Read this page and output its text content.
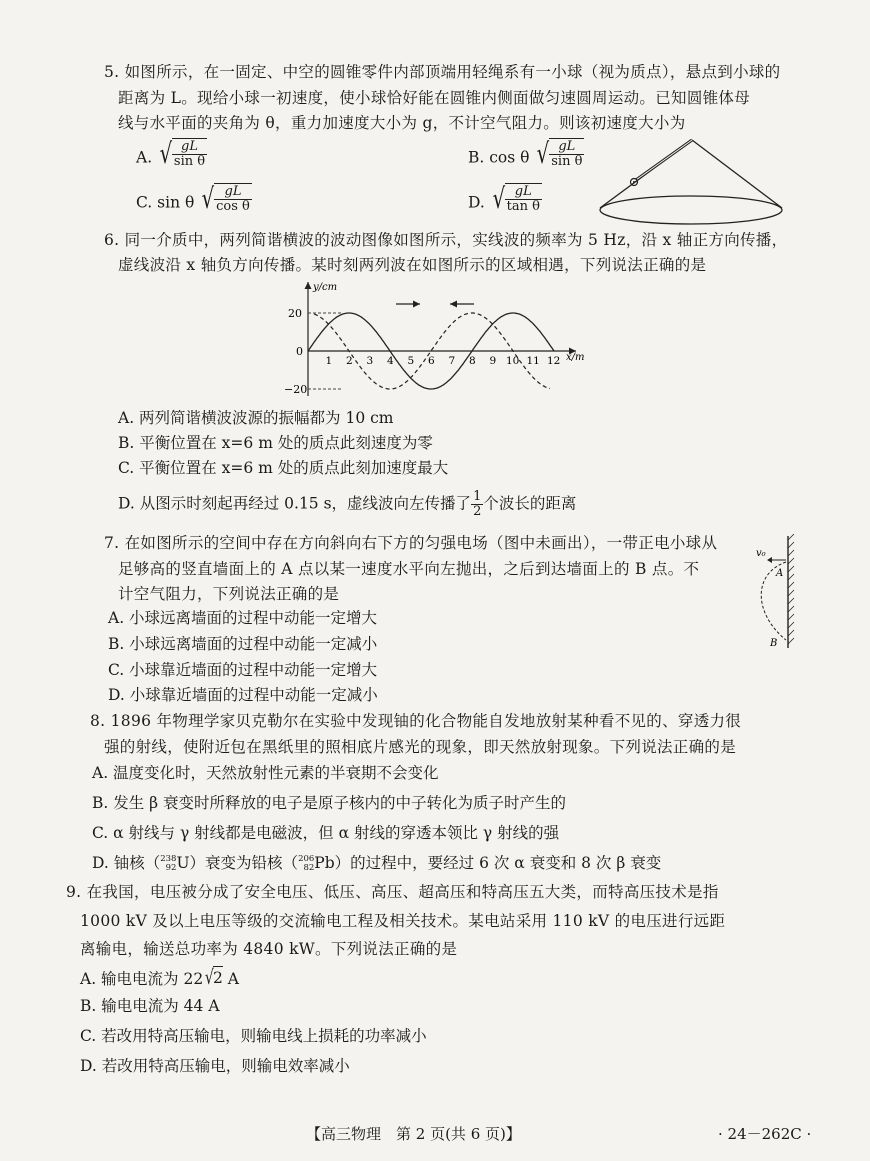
5. 如图所示，在一固定、中空的圆锥零件内部顶端用轻绳系有一小球（视为质点），悬点到小球的
距离为 L。现给小球一初速度，使小球恰好能在圆锥内侧面做匀速圆周运动。已知圆锥体母
线与水平面的夹角为 θ，重力加速度大小为 g，不计空气阻力。则该初速度大小为
A. √ $\frac{gL}{\text{sin θ}}$	B. cos θ √ $\frac{gL}{\text{sin θ}}$
C. sin θ √ $\frac{gL}{\text{cos θ}}$	D. √ $\frac{gL}{\text{tan θ}}$
6. 同一介质中，两列简谐横波的波动图像如图所示，实线波的频率为 5 Hz，沿 x 轴正方向传播，
虚线波沿 x 轴负方向传播。某时刻两列波在如图所示的区域相遇，下列说法正确的是
y/cm
x/m
20
0
−20
1 2 3 4 5 6 7 8 9 10 11 12
A. 两列简谐横波波源的振幅都为 10 cm
B. 平衡位置在 x=6 m 处的质点此刻速度为零
C. 平衡位置在 x=6 m 处的质点此刻加速度最大
D. 从图示时刻起再经过 0.15 s，虚线波向左传播了 $\frac{1}{2}$ 个波长的距离
7. 在如图所示的空间中存在方向斜向右下方的匀强电场（图中未画出），一带正电小球从
足够高的竖直墙面上的 A 点以某一速度水平向左抛出，之后到达墙面上的 B 点。不
计空气阻力，下列说法正确的是
A. 小球远离墙面的过程中动能一定增大
B. 小球远离墙面的过程中动能一定减小
C. 小球靠近墙面的过程中动能一定增大
D. 小球靠近墙面的过程中动能一定减小
v₀
A
B
8. 1896 年物理学家贝克勒尔在实验中发现铀的化合物能自发地放射某种看不见的、穿透力很
强的射线，使附近包在黑纸里的照相底片感光的现象，即天然放射现象。下列说法正确的是
A. 温度变化时，天然放射性元素的半衰期不会变化
B. 发生 β 衰变时所释放的电子是原子核内的中子转化为质子时产生的
C. α 射线与 γ 射线都是电磁波，但 α 射线的穿透本领比 γ 射线的强
D. 铀核（ 238
92 U）衰变为铅核（ 206
82 Pb）的过程中，要经过 6 次 α 衰变和 8 次 β 衰变
9. 在我国，电压被分成了安全电压、低压、高压、超高压和特高压五大类，而特高压技术是指
1000 kV 及以上电压等级的交流输电工程及相关技术。某电站采用 110 kV 的电压进行远距
离输电，输送总功率为 4840 kW。下列说法正确的是
A. 输电电流为 22 √
2 A
B. 输电电流为 44 A
C. 若改用特高压输电，则输电线上损耗的功率减小
D. 若改用特高压输电，则输电效率减小
【高三物理　第 2 页(共 6 页)】	· 24－262C ·
